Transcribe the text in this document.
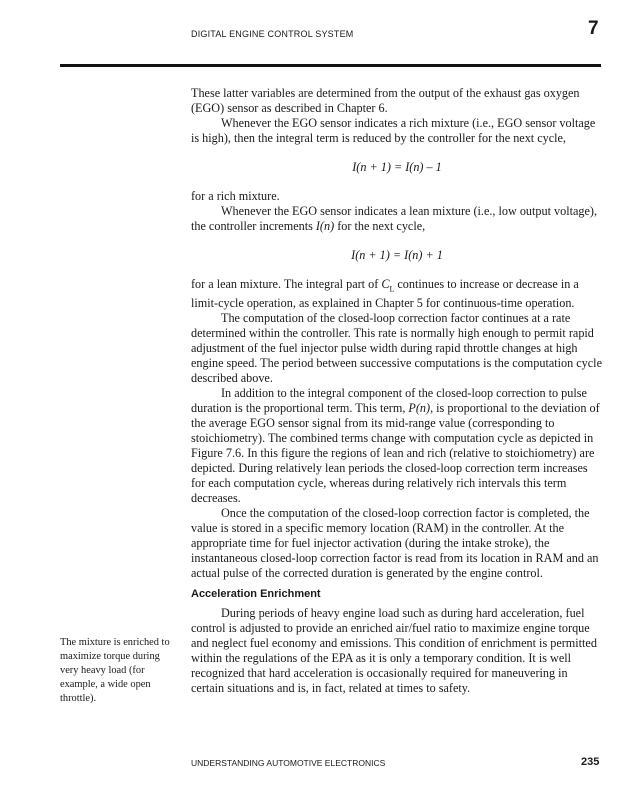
DIGITAL ENGINE CONTROL SYSTEM	7

These latter variables are determined from the output of the exhaust gas oxygen (EGO) sensor as described in Chapter 6.

Whenever the EGO sensor indicates a rich mixture (i.e., EGO sensor voltage is high), then the integral term is reduced by the controller for the next cycle,

I(n + 1) = I(n) – 1

for a rich mixture.

Whenever the EGO sensor indicates a lean mixture (i.e., low output voltage), the controller increments I(n) for the next cycle,

I(n + 1) = I(n) + 1

for a lean mixture. The integral part of $C_L$ continues to increase or decrease in a limit-cycle operation, as explained in Chapter 5 for continuous-time operation.

The computation of the closed-loop correction factor continues at a rate determined within the controller. This rate is normally high enough to permit rapid adjustment of the fuel injector pulse width during rapid throttle changes at high engine speed. The period between successive computations is the computation cycle described above.

In addition to the integral component of the closed-loop correction to pulse duration is the proportional term. This term, P(n), is proportional to the deviation of the average EGO sensor signal from its mid-range value (corresponding to stoichiometry). The combined terms change with computation cycle as depicted in Figure 7.6. In this figure the regions of lean and rich (relative to stoichiometry) are depicted. During relatively lean periods the closed-loop correction term increases for each computation cycle, whereas during relatively rich intervals this term decreases.

Once the computation of the closed-loop correction factor is completed, the value is stored in a specific memory location (RAM) in the controller. At the appropriate time for fuel injector activation (during the intake stroke), the instantaneous closed-loop correction factor is read from its location in RAM and an actual pulse of the corrected duration is generated by the engine control.

Acceleration Enrichment

During periods of heavy engine load such as during hard acceleration, fuel control is adjusted to provide an enriched air/fuel ratio to maximize engine torque and neglect fuel economy and emissions. This condition of enrichment is permitted within the regulations of the EPA as it is only a temporary condition. It is well recognized that hard acceleration is occasionally required for maneuvering in certain situations and is, in fact, related at times to safety.

The mixture is enriched to maximize torque during very heavy load (for example, a wide open throttle).
UNDERSTANDING AUTOMOTIVE ELECTRONICS	235
